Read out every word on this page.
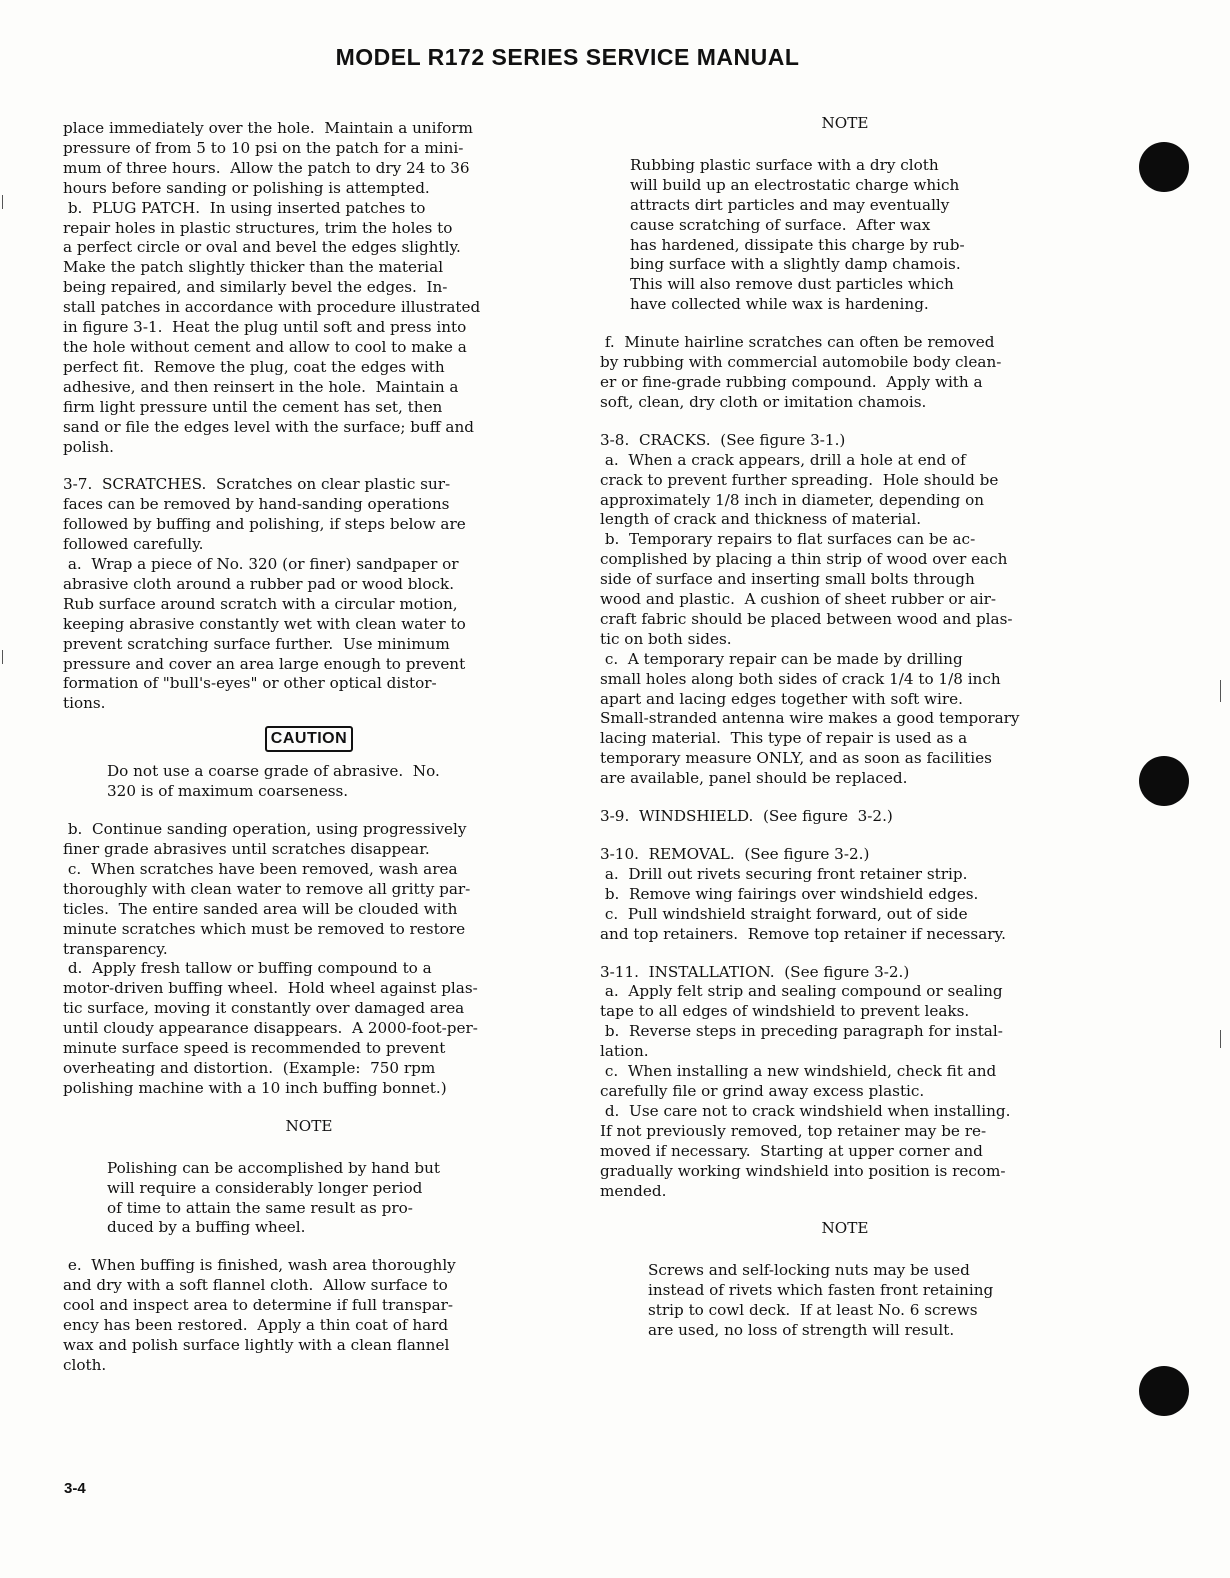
MODEL R172 SERIES SERVICE MANUAL
place immediately over the hole.  Maintain a uniform
pressure of from 5 to 10 psi on the patch for a mini-
mum of three hours.  Allow the patch to dry 24 to 36
hours before sanding or polishing is attempted.
b.  PLUG PATCH.  In using inserted patches to
repair holes in plastic structures, trim the holes to
a perfect circle or oval and bevel the edges slightly.
Make the patch slightly thicker than the material
being repaired, and similarly bevel the edges.  In-
stall patches in accordance with procedure illustrated
in figure 3-1.  Heat the plug until soft and press into
the hole without cement and allow to cool to make a
perfect fit.  Remove the plug, coat the edges with
adhesive, and then reinsert in the hole.  Maintain a
firm light pressure until the cement has set, then
sand or file the edges level with the surface; buff and
polish.
3-7.  SCRATCHES.  Scratches on clear plastic sur-
faces can be removed by hand-sanding operations
followed by buffing and polishing, if steps below are
followed carefully.
a.  Wrap a piece of No. 320 (or finer) sandpaper or
abrasive cloth around a rubber pad or wood block.
Rub surface around scratch with a circular motion,
keeping abrasive constantly wet with clean water to
prevent scratching surface further.  Use minimum
pressure and cover an area large enough to prevent
formation of "bull's-eyes" or other optical distor-
tions.
CAUTION
Do not use a coarse grade of abrasive.  No.
320 is of maximum coarseness.
b.  Continue sanding operation, using progressively
finer grade abrasives until scratches disappear.
c.  When scratches have been removed, wash area
thoroughly with clean water to remove all gritty par-
ticles.  The entire sanded area will be clouded with
minute scratches which must be removed to restore
transparency.
d.  Apply fresh tallow or buffing compound to a
motor-driven buffing wheel.  Hold wheel against plas-
tic surface, moving it constantly over damaged area
until cloudy appearance disappears.  A 2000-foot-per-
minute surface speed is recommended to prevent
overheating and distortion.  (Example:  750 rpm
polishing machine with a 10 inch buffing bonnet.)
NOTE
Polishing can be accomplished by hand but
will require a considerably longer period
of time to attain the same result as pro-
duced by a buffing wheel.
e.  When buffing is finished, wash area thoroughly
and dry with a soft flannel cloth.  Allow surface to
cool and inspect area to determine if full transpar-
ency has been restored.  Apply a thin coat of hard
wax and polish surface lightly with a clean flannel
cloth.
NOTE
Rubbing plastic surface with a dry cloth
will build up an electrostatic charge which
attracts dirt particles and may eventually
cause scratching of surface.  After wax
has hardened, dissipate this charge by rub-
bing surface with a slightly damp chamois.
This will also remove dust particles which
have collected while wax is hardening.
f.  Minute hairline scratches can often be removed
by rubbing with commercial automobile body clean-
er or fine-grade rubbing compound.  Apply with a
soft, clean, dry cloth or imitation chamois.
3-8.  CRACKS.  (See figure 3-1.)
a.  When a crack appears, drill a hole at end of
crack to prevent further spreading.  Hole should be
approximately 1/8 inch in diameter, depending on
length of crack and thickness of material.
b.  Temporary repairs to flat surfaces can be ac-
complished by placing a thin strip of wood over each
side of surface and inserting small bolts through
wood and plastic.  A cushion of sheet rubber or air-
craft fabric should be placed between wood and plas-
tic on both sides.
c.  A temporary repair can be made by drilling
small holes along both sides of crack 1/4 to 1/8 inch
apart and lacing edges together with soft wire.
Small-stranded antenna wire makes a good temporary
lacing material.  This type of repair is used as a
temporary measure ONLY, and as soon as facilities
are available, panel should be replaced.
3-9.  WINDSHIELD.  (See figure  3-2.)
3-10.  REMOVAL.  (See figure 3-2.)
a.  Drill out rivets securing front retainer strip.
b.  Remove wing fairings over windshield edges.
c.  Pull windshield straight forward, out of side
and top retainers.  Remove top retainer if necessary.
3-11.  INSTALLATION.  (See figure 3-2.)
a.  Apply felt strip and sealing compound or sealing
tape to all edges of windshield to prevent leaks.
b.  Reverse steps in preceding paragraph for instal-
lation.
c.  When installing a new windshield, check fit and
carefully file or grind away excess plastic.
d.  Use care not to crack windshield when installing.
If not previously removed, top retainer may be re-
moved if necessary.  Starting at upper corner and
gradually working windshield into position is recom-
mended.
NOTE
Screws and self-locking nuts may be used
instead of rivets which fasten front retaining
strip to cowl deck.  If at least No. 6 screws
are used, no loss of strength will result.
3-4
